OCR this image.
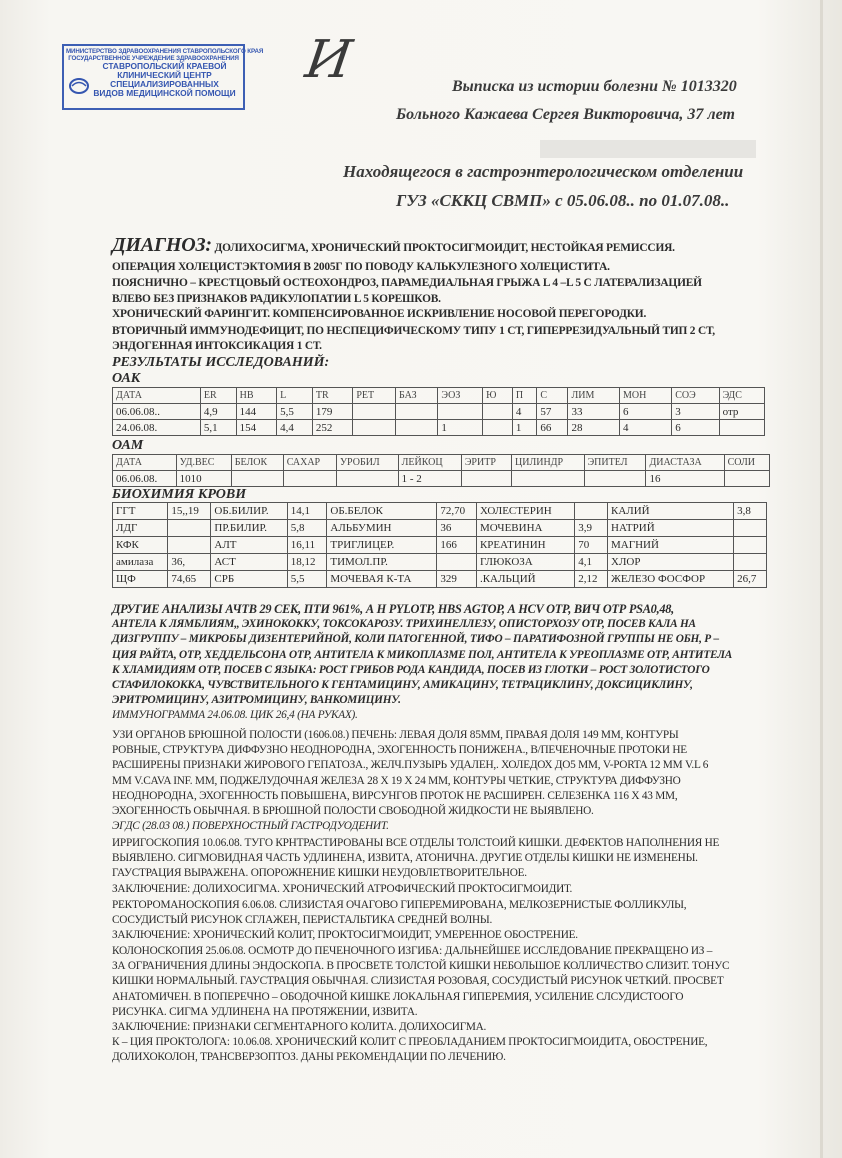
МИНИСТЕРСТВО ЗДРАВООХРАНЕНИЯ СТАВРОПОЛЬСКОГО КРАЯ
ГОСУДАРСТВЕННОЕ УЧРЕЖДЕНИЕ ЗДРАВООХРАНЕНИЯ
СТАВРОПОЛЬСКИЙ КРАЕВОЙ
КЛИНИЧЕСКИЙ ЦЕНТР
СПЕЦИАЛИЗИРОВАННЫХ
ВИДОВ МЕДИЦИНСКОЙ ПОМОЩИ
И	Выписка из истории болезни № 1013320
Больного Кажаева Сергея Викторовича, 37 лет
Находящегося в гастроэнтерологическом отделении
ГУЗ «СККЦ СВМП» с 05.06.08.. по 01.07.08..
ДИАГНОЗ: ДОЛИХОСИГМА, ХРОНИЧЕСКИЙ ПРОКТОСИГМОИДИТ, НЕСТОЙКАЯ РЕМИССИЯ.
ОПЕРАЦИЯ ХОЛЕЦИСТЭКТОМИЯ В 2005Г ПО ПОВОДУ КАЛЬКУЛЕЗНОГО ХОЛЕЦИСТИТА.
ПОЯСНИЧНО – КРЕСТЦОВЫЙ ОСТЕОХОНДРОЗ, ПАРАМЕДИАЛЬНАЯ ГРЫЖА L 4 –L 5 С ЛАТЕРАЛИЗАЦИЕЙ
ВЛЕВО БЕЗ ПРИЗНАКОВ РАДИКУЛОПАТИИ L 5 КОРЕШКОВ.
ХРОНИЧЕСКИЙ ФАРИНГИТ. КОМПЕНСИРОВАННОЕ ИСКРИВЛЕНИЕ НОСОВОЙ ПЕРЕГОРОДКИ.
ВТОРИЧНЫЙ ИММУНОДЕФИЦИТ, ПО НЕСПЕЦИФИЧЕСКОМУ ТИПУ 1 СТ, ГИПЕРРЕЗИДУАЛЬНЫЙ ТИП 2 СТ,
ЭНДОГЕННАЯ ИНТОКСИКАЦИЯ 1 СТ.
РЕЗУЛЬТАТЫ ИССЛЕДОВАНИЙ:
ОАК
ДАТА	ER	HB	L	TR	РЕТ	БАЗ	ЭОЗ	Ю	П	С	ЛИМ	МОН	СОЭ	ЭДС
06.06.08..	4,9	144	5,5	179					4	57	33	6	3	отр
24.06.08.	5,1	154	4,4	252			1		1	66	28	4	6	
ОАМ
ДАТА	УД.ВЕС	БЕЛОК	САХАР	УРОБИЛ	ЛЕЙКОЦ	ЭРИТР	ЦИЛИНДР	ЭПИТЕЛ	ДИАСТАЗА	СОЛИ
06.06.08.	1010				1 - 2				16	
БИОХИМИЯ КРОВИ
ГГТ	15,,19	ОБ.БИЛИР.	14,1	ОБ.БЕЛОК	72,70	ХОЛЕСТЕРИН		КАЛИЙ	3,8
ЛДГ		ПР.БИЛИР.	5,8	АЛЬБУМИН	36	МОЧЕВИНА	3,9	НАТРИЙ	
КФК		АЛТ	16,11	ТРИГЛИЦЕР.	166	КРЕАТИНИН	70	МАГНИЙ	
амилаза	36,	АСТ	18,12	ТИМОЛ.ПР.		ГЛЮКОЗА	4,1	ХЛОР	
ЩФ	74,65	СРБ	5,5	МОЧЕВАЯ К-ТА	329	.КАЛЬЦИЙ	2,12	ЖЕЛЕЗО ФОСФОР	26,7

ДРУГИЕ АНАЛИЗЫ АЧТВ 29 СЕК, ПТИ 961%, А H PYLOTP, HBS AGTOP, А HCV ОТР, ВИЧ ОТР PSA0,48,

АНТЕЛА К ЛЯМБЛИЯМ,, ЭХИНОКОККУ, ТОКСОКАРОЗУ. ТРИХИНЕЛЛЕЗУ, ОПИСТОРХОЗУ ОТР, ПОСЕВ КАЛА НА

ДИЗГРУППУ – МИКРОБЫ ДИЗЕНТЕРИЙНОЙ, КОЛИ ПАТОГЕННОЙ, ТИФО – ПАРАТИФОЗНОЙ ГРУППЫ НЕ ОБН, Р –

ЦИЯ РАЙТА, ОТР, ХЕДДЕЛЬСОНА ОТР, АНТИТЕЛА К МИКОПЛАЗМЕ ПОЛ, АНТИТЕЛА К УРЕОПЛАЗМЕ ОТР, АНТИТЕЛА

К ХЛАМИДИЯМ ОТР, ПОСЕВ С ЯЗЫКА: РОСТ ГРИБОВ РОДА КАНДИДА, ПОСЕВ ИЗ ГЛОТКИ – РОСТ ЗОЛОТИСТОГО

СТАФИЛОКОККА, ЧУВСТВИТЕЛЬНОГО К ГЕНТАМИЦИНУ, АМИКАЦИНУ, ТЕТРАЦИКЛИНУ, ДОКСИЦИКЛИНУ,

ЭРИТРОМИЦИНУ, АЗИТРОМИЦИНУ, ВАНКОМИЦИНУ.

ИММУНОГРАММА 24.06.08. ЦИК 26,4 (НА РУКАХ).

УЗИ ОРГАНОВ БРЮШНОЙ ПОЛОСТИ (1606.08.) ПЕЧЕНЬ: ЛЕВАЯ ДОЛЯ 85ММ, ПРАВАЯ ДОЛЯ 149 ММ, КОНТУРЫ

РОВНЫЕ, СТРУКТУРА ДИФФУЗНО НЕОДНОРОДНА, ЭХОГЕННОСТЬ ПОНИЖЕНА., В/ПЕЧЕНОЧНЫЕ ПРОТОКИ НЕ

РАСШИРЕНЫ ПРИЗНАКИ ЖИРОВОГО ГЕПАТОЗА., ЖЕЛЧ.ПУЗЫРЬ УДАЛЕН,. ХОЛЕДОХ ДО5 ММ, V-PORTA 12 ММ V.L 6

ММ V.CAVA INF. ММ, ПОДЖЕЛУДОЧНАЯ ЖЕЛЕЗА 28 Х 19 Х 24 ММ, КОНТУРЫ ЧЕТКИЕ, СТРУКТУРА ДИФФУЗНО

НЕОДНОРОДНА, ЭХОГЕННОСТЬ ПОВЫШЕНА, ВИРСУНГОВ ПРОТОК НЕ РАСШИРЕН. СЕЛЕЗЕНКА 116 Х 43 ММ,

ЭХОГЕННОСТЬ ОБЫЧНАЯ. В БРЮШНОЙ ПОЛОСТИ СВОБОДНОЙ ЖИДКОСТИ НЕ ВЫЯВЛЕНО.

ЭГДС (28.03 08.) ПОВЕРХНОСТНЫЙ ГАСТРОДУОДЕНИТ.

ИРРИГОСКОПИЯ 10.06.08. ТУГО КРНТРАСТИРОВАНЫ ВСЕ ОТДЕЛЫ ТОЛСТОИЙ КИШКИ. ДЕФЕКТОВ НАПОЛНЕНИЯ НЕ

ВЫЯВЛЕНО. СИГМОВИДНАЯ ЧАСТЬ УДЛИНЕНА, ИЗВИТА, АТОНИЧНА. ДРУГИЕ ОТДЕЛЫ КИШКИ НЕ ИЗМЕНЕНЫ.

ГАУСТРАЦИЯ ВЫРАЖЕНА. ОПОРОЖНЕНИЕ КИШКИ НЕУДОВЛЕТВОРИТЕЛЬНОЕ.

ЗАКЛЮЧЕНИЕ: ДОЛИХОСИГМА. ХРОНИЧЕСКИЙ АТРОФИЧЕСКИЙ ПРОКТОСИГМОИДИТ.

РЕКТОРОМАНОСКОПИЯ 6.06.08. СЛИЗИСТАЯ ОЧАГОВО ГИПЕРЕМИРОВАНА, МЕЛКОЗЕРНИСТЫЕ ФОЛЛИКУЛЫ,

СОСУДИСТЫЙ РИСУНОК СГЛАЖЕН, ПЕРИСТАЛЬТИКА СРЕДНЕЙ ВОЛНЫ.

ЗАКЛЮЧЕНИЕ: ХРОНИЧЕСКИЙ КОЛИТ, ПРОКТОСИГМОИДИТ, УМЕРЕННОЕ ОБОСТРЕНИЕ.

КОЛОНОСКОПИЯ 25.06.08. ОСМОТР ДО ПЕЧЕНОЧНОГО ИЗГИБА: ДАЛЬНЕЙШЕЕ ИССЛЕДОВАНИЕ ПРЕКРАЩЕНО ИЗ –

ЗА ОГРАНИЧЕНИЯ ДЛИНЫ ЭНДОСКОПА. В ПРОСВЕТЕ ТОЛСТОЙ КИШКИ НЕБОЛЬШОЕ КОЛЛИЧЕСТВО СЛИЗИТ. ТОНУС

КИШКИ НОРМАЛЬНЫЙ. ГАУСТРАЦИЯ ОБЫЧНАЯ. СЛИЗИСТАЯ РОЗОВАЯ, СОСУДИСТЫЙ РИСУНОК ЧЕТКИЙ. ПРОСВЕТ

АНАТОМИЧЕН. В ПОПЕРЕЧНО – ОБОДОЧНОЙ КИШКЕ ЛОКАЛЬНАЯ ГИПЕРЕМИЯ, УСИЛЕНИЕ СЛСУДИСТООГО

РИСУНКА. СИГМА УДЛИНЕНА НА ПРОТЯЖЕНИИ, ИЗВИТА.

ЗАКЛЮЧЕНИЕ: ПРИЗНАКИ СЕГМЕНТАРНОГО КОЛИТА. ДОЛИХОСИГМА.

К – ЦИЯ ПРОКТОЛОГА: 10.06.08. ХРОНИЧЕСКИЙ КОЛИТ С ПРЕОБЛАДАНИЕМ ПРОКТОСИГМОИДИТА, ОБОСТРЕНИЕ,

ДОЛИХОКОЛОН, ТРАНСВЕРЗОПТОЗ. ДАНЫ РЕКОМЕНДАЦИИ ПО ЛЕЧЕНИЮ.
